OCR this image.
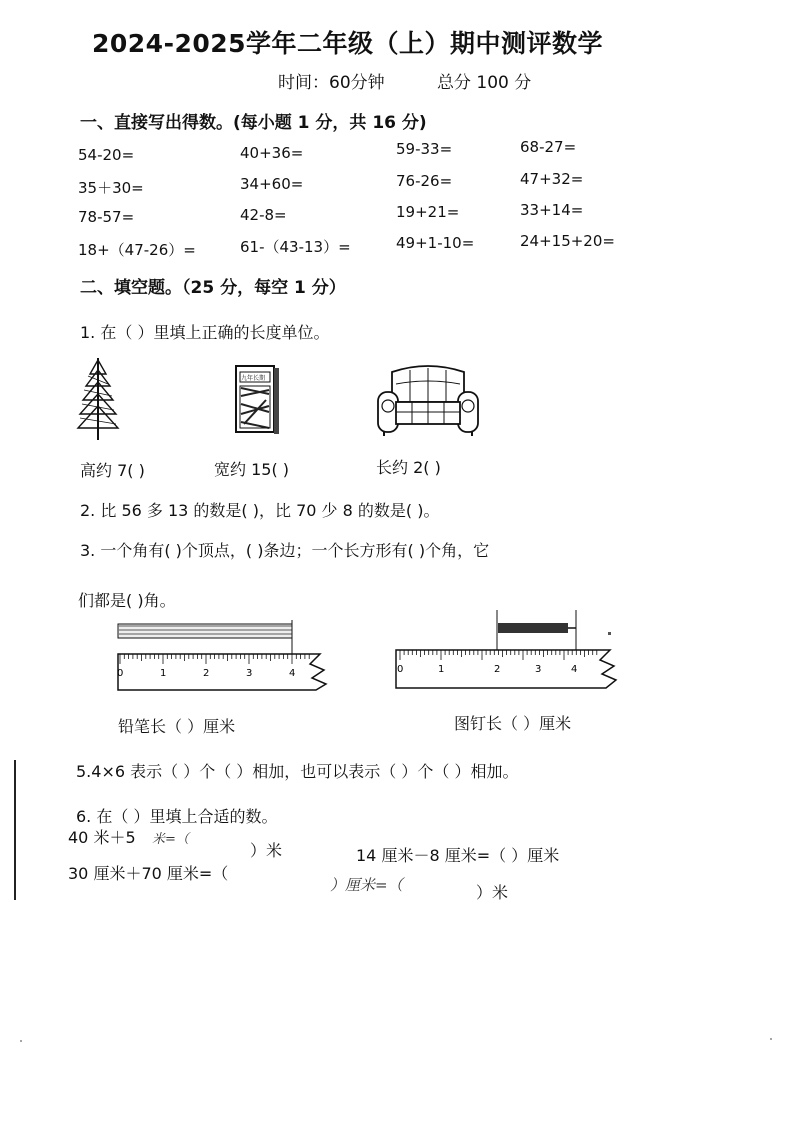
2024-2025学年二年级（上）期中测评数学
时间：60分钟	总分 100 分
一、直接写出得数。(每小题 1 分，共 16 分)
54-20=	40+36=	59-33=	68-27=
35＋30=	34+60=	76-26=	47+32=
78-57=	42-8=	19+21=	33+14=
18+（47-26）=	61-（43-13）=	49+1-10=	24+15+20=
二、填空题。（25 分，每空 1 分）
1. 在（ ）里填上正确的长度单位。
九年长期
高约 7( )	宽约 15( )	长约 2( )
2. 比 56 多 13 的数是( )，比 70 少 8 的数是( )。
3. 一个角有( )个顶点，( )条边；一个长方形有( )个角，它
们都是( )角。
0	1	2	3	4	0	1	2	3	4
铅笔长（ ）厘米	图钉长（ ）厘米
5.4×6 表示（ ）个（ ）相加，也可以表示（ ）个（ ）相加。
6. 在（ ）里填上合适的数。
40 米＋5 米=（
）米	14 厘米－8 厘米=（ ）厘米
30 厘米＋70 厘米=（
）厘米=（	）米
